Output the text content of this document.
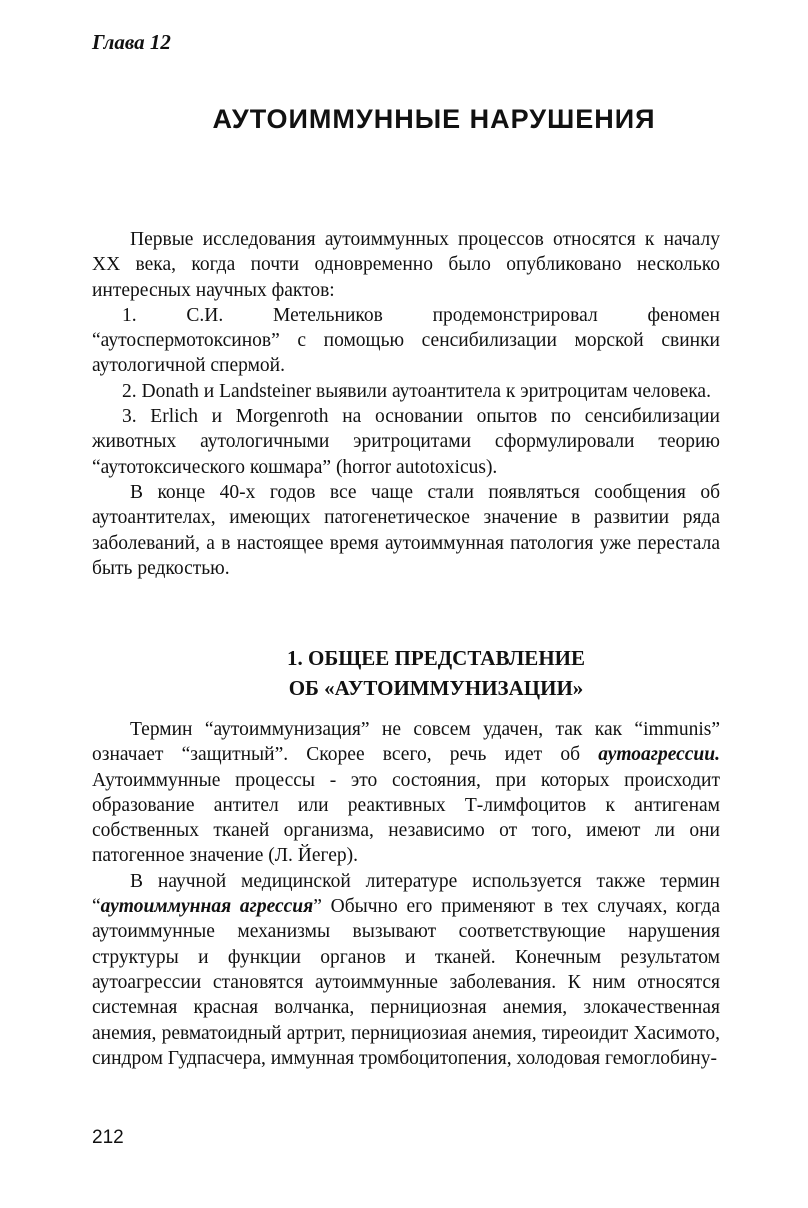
Глава 12
АУТОИММУННЫЕ НАРУШЕНИЯ

Первые исследования аутоиммунных процессов относятся к началу XX века, когда почти одновременно было опубликовано несколько интересных научных фактов:

1. С.И. Метельников продемонстрировал феномен “аутоспермотоксинов” с помощью сенсибилизации морской свинки аутологичной спермой.

2. Donath и Landsteiner выявили аутоантитела к эритроцитам человека.

3. Erlich и Morgenroth на основании опытов по сенсибилизации животных аутологичными эритроцитами сформулировали теорию “аутотоксического кошмара” (horror autotoxicus).

В конце 40-х годов все чаще стали появляться сообщения об аутоантителах, имеющих патогенетическое значение в развитии ряда заболеваний, а в настоящее время аутоиммунная патология уже перестала быть редкостью.

1. ОБЩЕЕ ПРЕДСТАВЛЕНИЕ
ОБ «АУТОИММУНИЗАЦИИ»

Термин “аутоиммунизация” не совсем удачен, так как “immunis” означает “защитный”. Скорее всего, речь идет об аутоагрессии. Аутоиммунные процессы - это состояния, при которых происходит образование антител или реактивных Т-лимфоцитов к антигенам собственных тканей организма, независимо от того, имеют ли они патогенное значение (Л. Йегер).

В научной медицинской литературе используется также термин “аутоиммунная агрессия” Обычно его применяют в тех случаях, когда аутоиммунные механизмы вызывают соответствующие нарушения структуры и функции органов и тканей. Конечным результатом аутоагрессии становятся аутоиммунные заболевания. К ним относятся системная красная волчанка, пернициозная анемия, злокачественная анемия, ревматоидный артрит, пернициозиая анемия, тиреоидит Хасимото, синдром Гудпасчера, иммунная тромбоцитопения, холодовая гемоглобину-

212
